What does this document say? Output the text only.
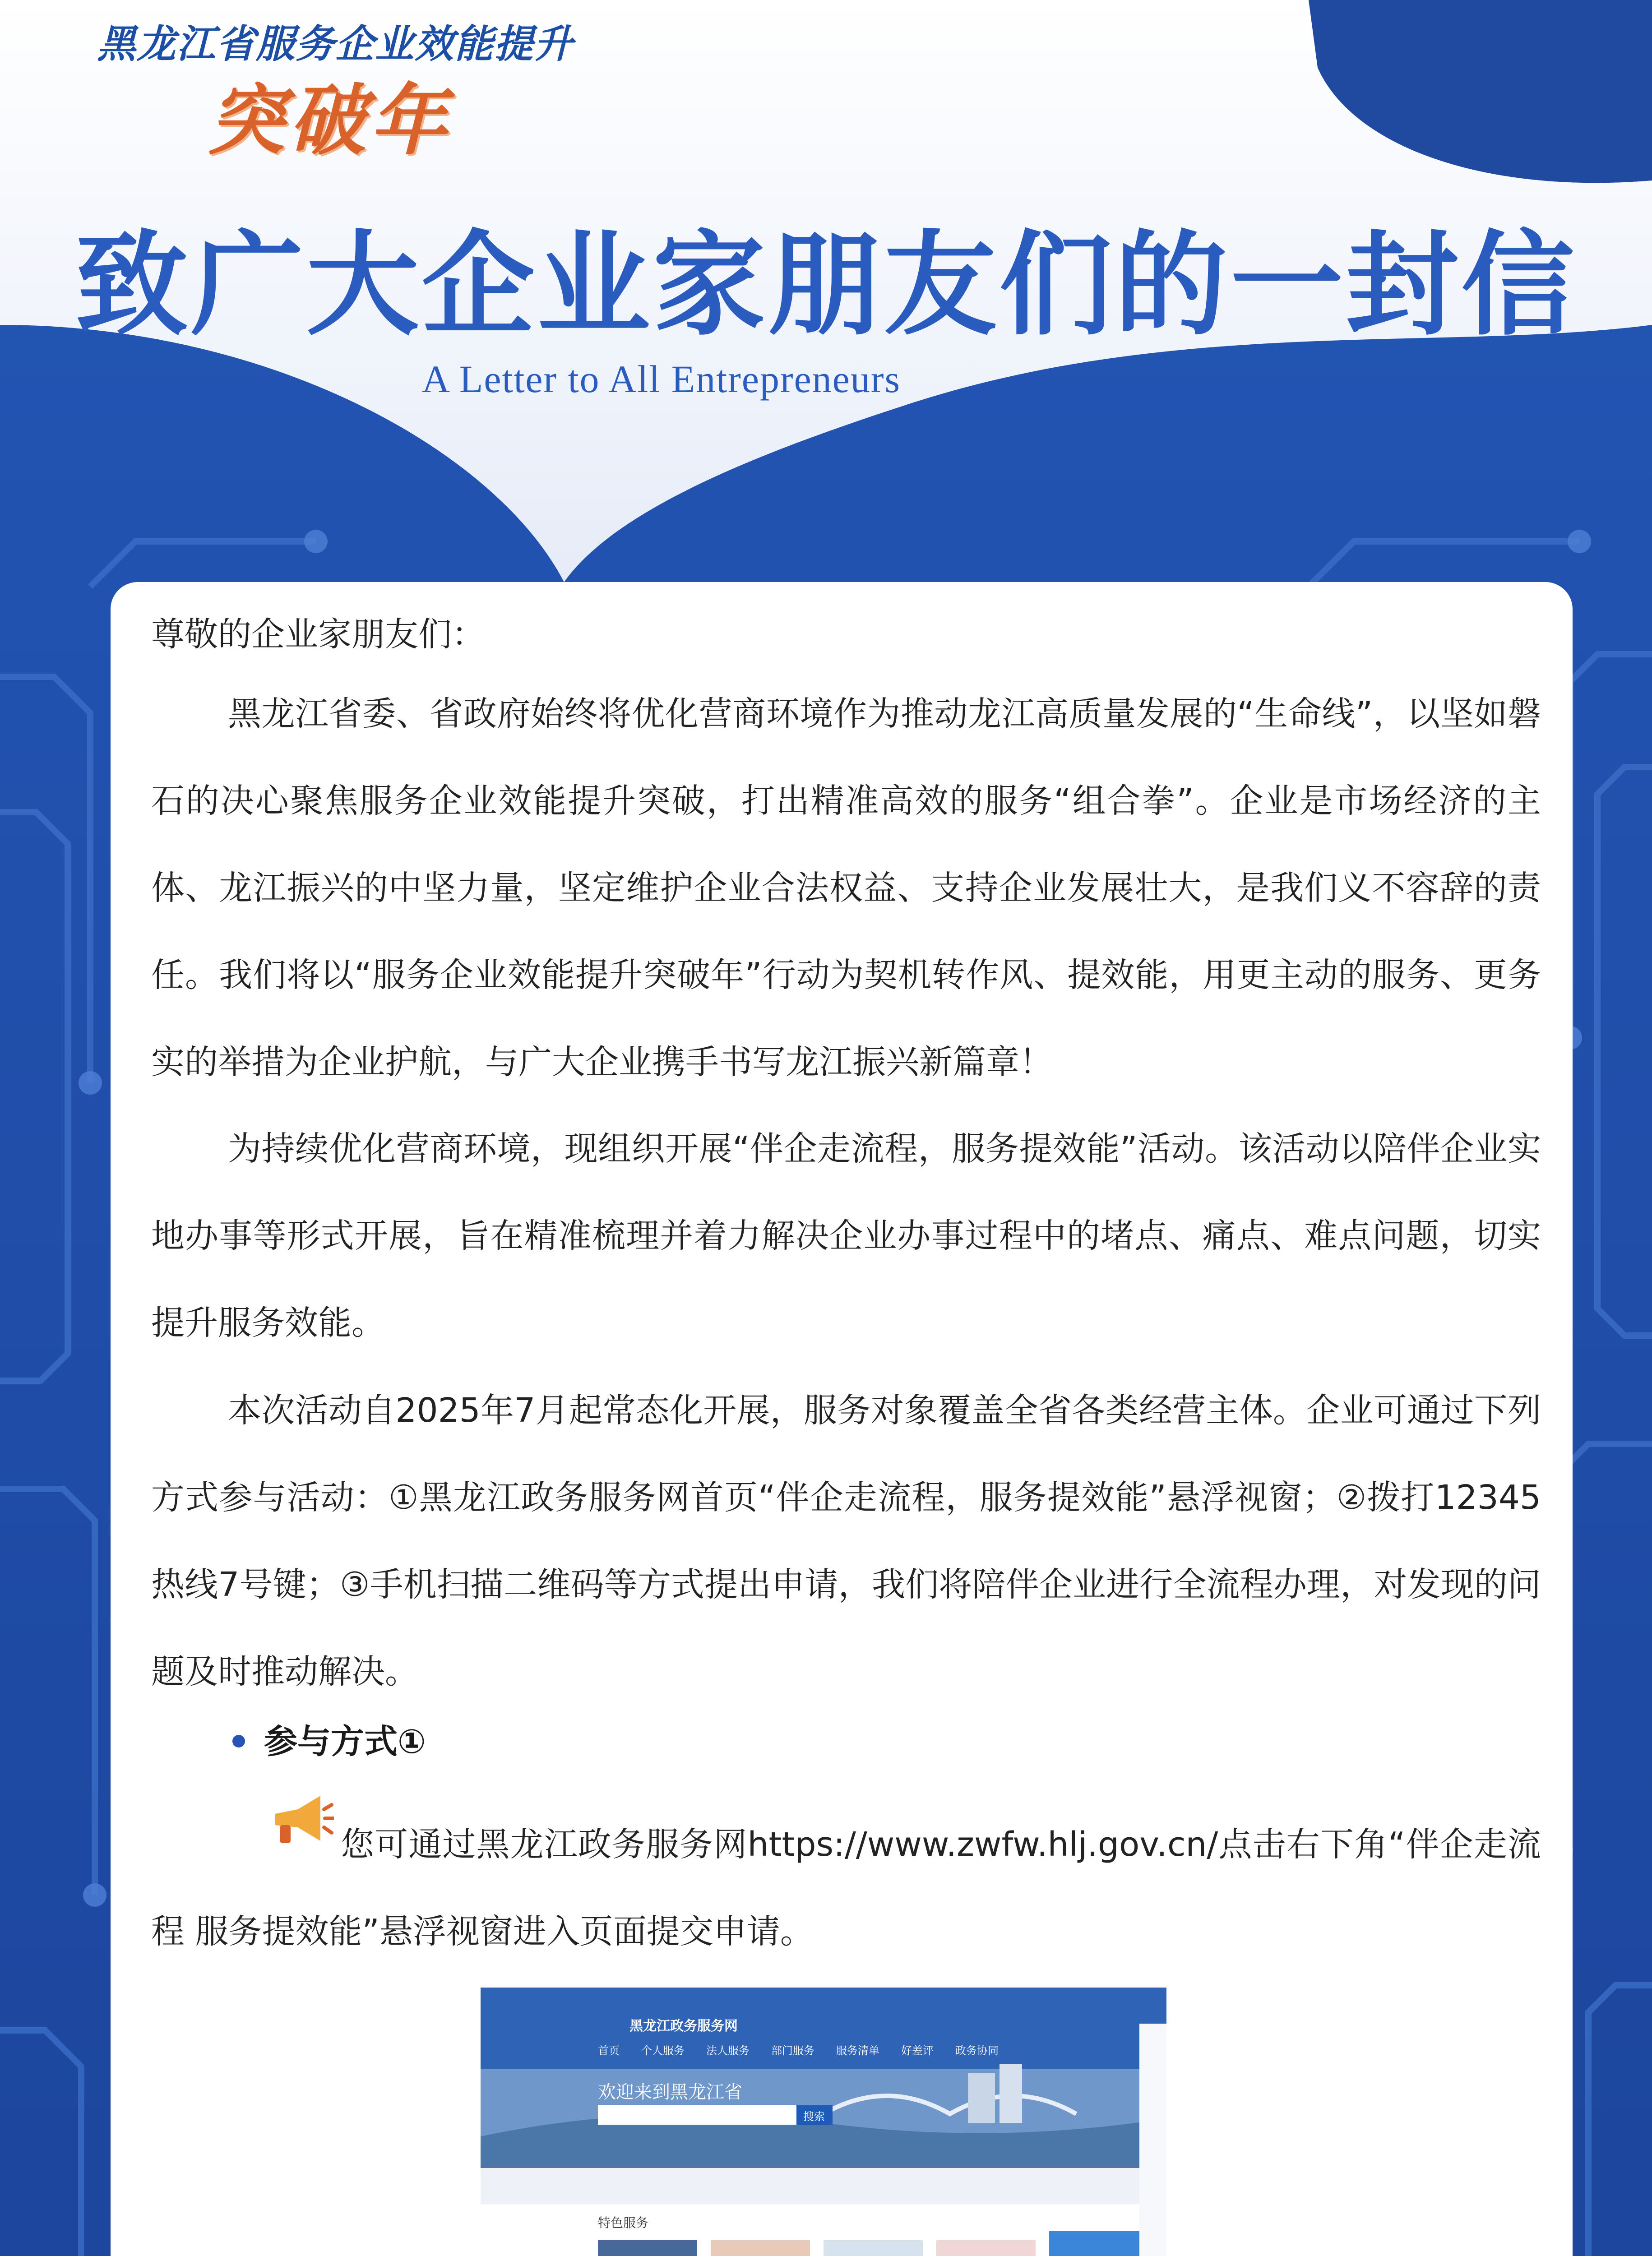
黑龙江省服务企业效能提升
突破年
致广大企业家朋友们的一封信
A Letter to All Entrepreneurs
尊敬的企业家朋友们：
黑龙江省委、省政府始终将优化营商环境作为推动龙江高质量发展的“生命线”，以坚如磐石的决心聚焦服务企业效能提升突破，打出精准高效的服务“组合拳”。企业是市场经济的主体、龙江振兴的中坚力量，坚定维护企业合法权益、支持企业发展壮大，是我们义不容辞的责任。我们将以“服务企业效能提升突破年”行动为契机转作风、提效能，用更主动的服务、更务实的举措为企业护航，与广大企业携手书写龙江振兴新篇章！
为持续优化营商环境，现组织开展“伴企走流程，服务提效能”活动。该活动以陪伴企业实地办事等形式开展，旨在精准梳理并着力解决企业办事过程中的堵点、痛点、难点问题，切实提升服务效能。
本次活动自2025年7月起常态化开展，服务对象覆盖全省各类经营主体。企业可通过下列方式参与活动：①黑龙江政务服务网首页“伴企走流程，服务提效能”悬浮视窗；②拨打12345热线7号键；③手机扫描二维码等方式提出申请，我们将陪伴企业进行全流程办理，对发现的问题及时推动解决。
参与方式①
您可通过黑龙江政务服务网https://www.zwfw.hlj.gov.cn/点击右下角“伴企走流程 服务提效能”悬浮视窗进入页面提交申请。
黑龙江政务服务网
首页 个人服务 法人服务 部门服务 服务清单 好差评 政务协同
欢迎来到黑龙江省
搜索
特色服务
